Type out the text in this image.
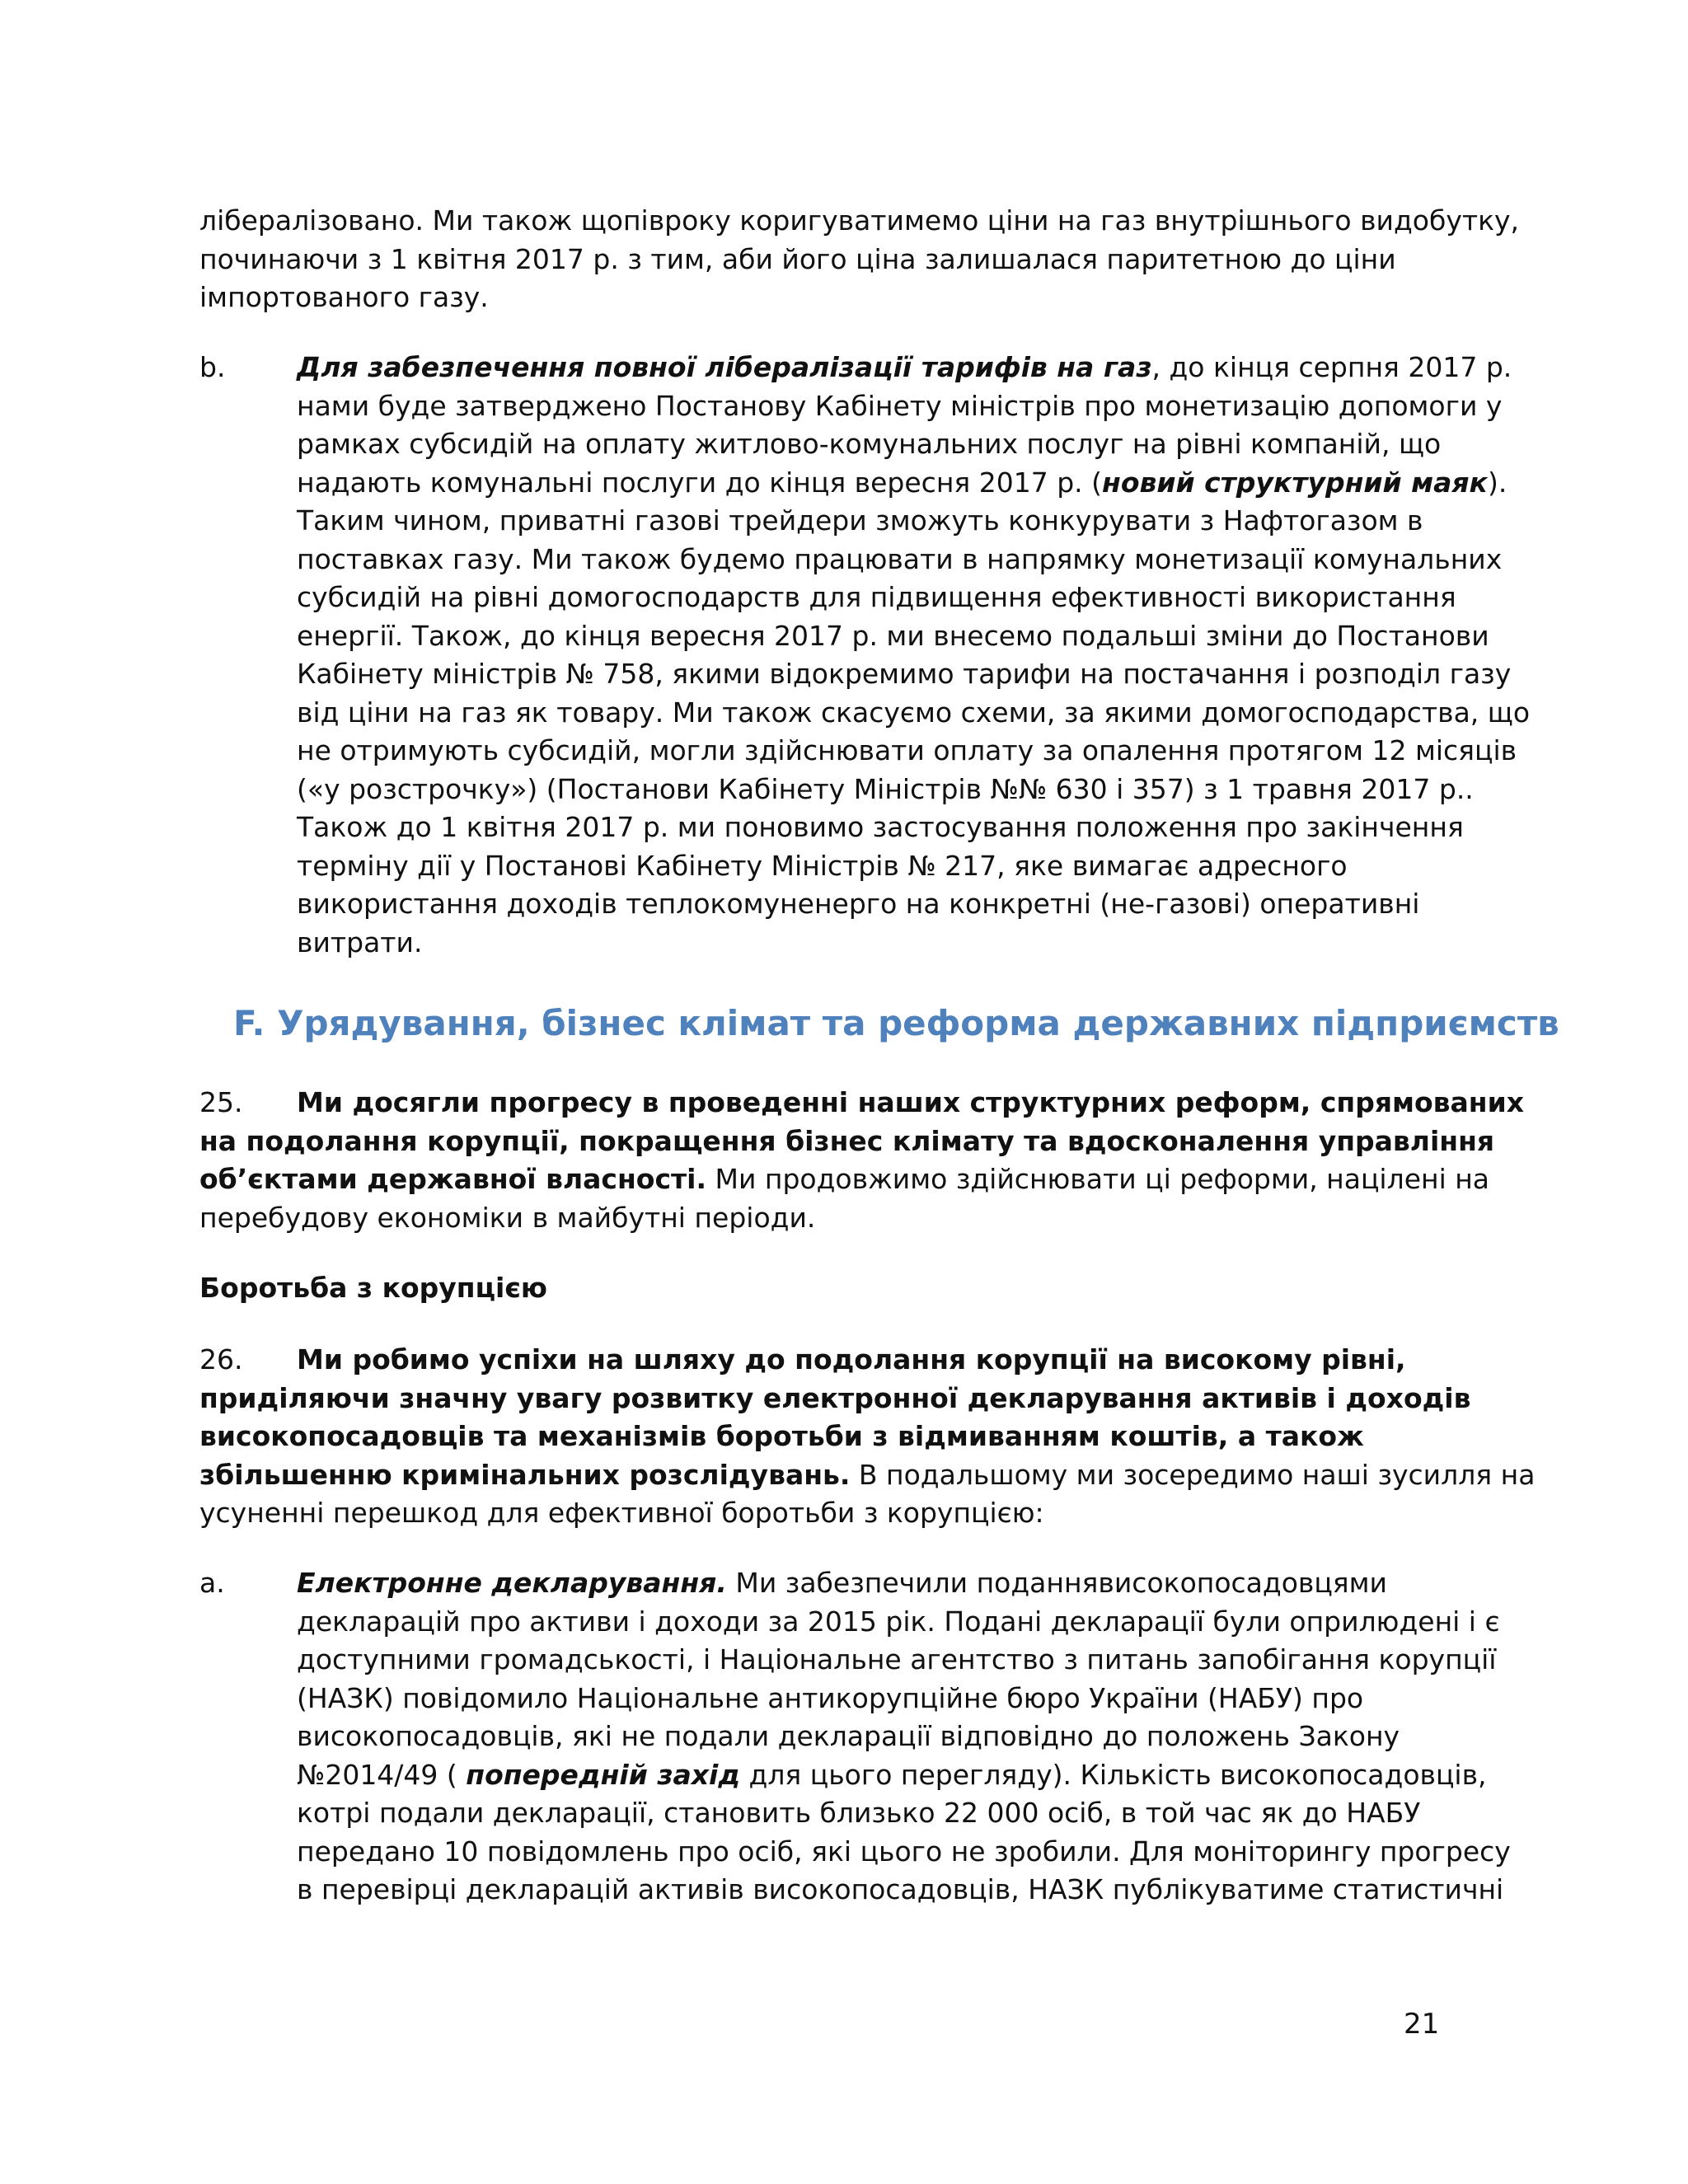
лібералізовано. Ми також щопівроку коригуватимемо ціни на газ внутрішнього видобутку,
починаючи з 1 квітня 2017 р. з тим, аби його ціна залишалася паритетною до ціни
імпортованого газу.
b.	Для забезпечення повної лібералізації тарифів на газ, до кінця серпня 2017 р.
нами буде затверджено Постанову Кабінету міністрів про монетизацію допомоги у
рамках субсидій на оплату житлово-комунальних послуг на рівні компаній, що
надають комунальні послуги до кінця вересня 2017 р. (новий структурний маяк).
Таким чином, приватні газові трейдери зможуть конкурувати з Нафтогазом в
поставках газу. Ми також будемо працювати в напрямку монетизації комунальних
субсидій на рівні домогосподарств для підвищення ефективності використання
енергії. Також, до кінця вересня 2017 р. ми внесемо подальші зміни до Постанови
Кабінету міністрів № 758, якими відокремимо тарифи на постачання і розподіл газу
від ціни на газ як товару. Ми також скасуємо схеми, за якими домогосподарства, що
не отримують субсидій, могли здійснювати оплату за опалення протягом 12 місяців
(«у розстрочку») (Постанови Кабінету Міністрів №№ 630 і 357) з 1 травня 2017 р..
Також до 1 квітня 2017 р. ми поновимо застосування положення про закінчення
терміну дії у Постанові Кабінету Міністрів № 217, яке вимагає адресного
використання доходів теплокомуненерго на конкретні (не-газові) оперативні
витрати.
F. Урядування, бізнес клімат та реформа державних підприємств
25. Ми досягли прогресу в проведенні наших структурних реформ, спрямованих
на подолання корупції, покращення бізнес клімату та вдосконалення управління
об’єктами державної власності. Ми продовжимо здійснювати ці реформи, націлені на
перебудову економіки в майбутні періоди.
Боротьба з корупцією
26. Ми робимо успіхи на шляху до подолання корупції на високому рівні,
приділяючи значну увагу розвитку електронної декларування активів і доходів
високопосадовців та механізмів боротьби з відмиванням коштів, а також
збільшенню кримінальних розслідувань. В подальшому ми зосередимо наші зусилля на
усуненні перешкод для ефективної боротьби з корупцією:
a.	Електронне декларування. Ми забезпечили поданнявисокопосадовцями
декларацій про активи і доходи за 2015 рік. Подані декларації були оприлюдені і є
доступними громадськості, і Національне агентство з питань запобігання корупції
(НАЗК) повідомило Національне антикорупційне бюро України (НАБУ) про
високопосадовців, які не подали декларації відповідно до положень Закону
№2014/49 ( попередній захід для цього перегляду). Кількість високопосадовців,
котрі подали декларації, становить близько 22 000 осіб, в той час як до НАБУ
передано 10 повідомлень про осіб, які цього не зробили. Для моніторингу прогресу
в перевірці декларацій активів високопосадовців, НАЗК публікуватиме статистичні
21
